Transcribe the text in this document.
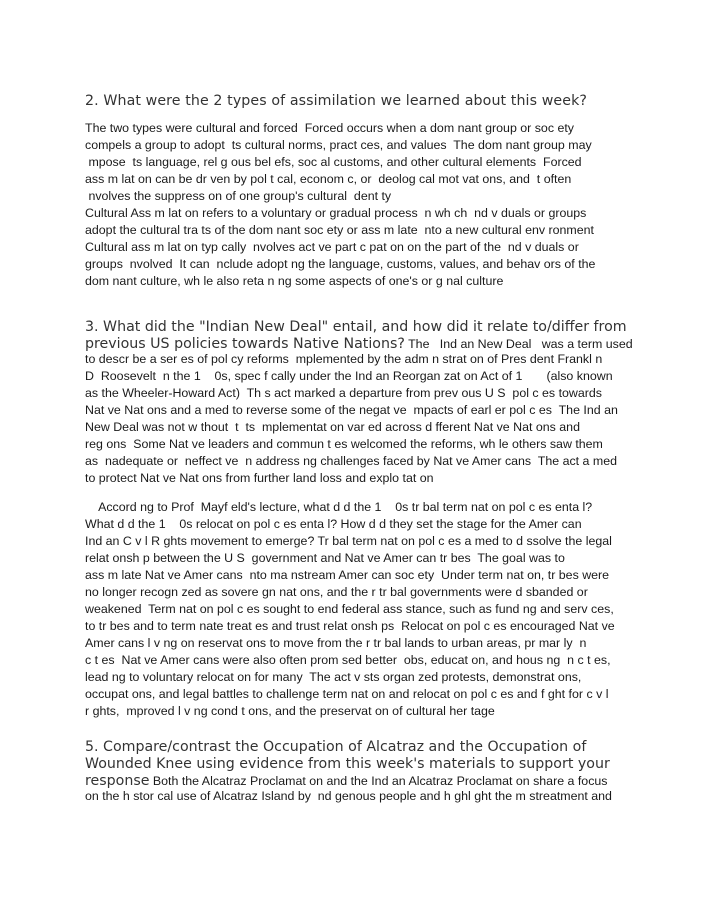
2. What were the 2 types of assimilation we learned about this week?

The two types were cultural and forced  Forced occurs when a dom nant group or soc ety

compels a group to adopt  ts cultural norms, pract ces, and values  The dom nant group may

mpose  ts language, rel g ous bel efs, soc al customs, and other cultural elements  Forced

ass m lat on can be dr ven by pol t cal, econom c, or  deolog cal mot vat ons, and  t often

nvolves the suppress on of one group's cultural  dent ty

Cultural Ass m lat on refers to a voluntary or gradual process  n wh ch  nd v duals or groups

adopt the cultural tra ts of the dom nant soc ety or ass m late  nto a new cultural env ronment

Cultural ass m lat on typ cally  nvolves act ve part c pat on on the part of the  nd v duals or

groups  nvolved  It can  nclude adopt ng the language, customs, values, and behav ors of the

dom nant culture, wh le also reta n ng some aspects of one's or g nal culture

3. What did the "Indian New Deal" entail, and how did it relate to/differ from

previous US policies towards Native Nations? The   Ind an New Deal   was a term used

to descr be a ser es of pol cy reforms  mplemented by the adm n strat on of Pres dent Frankl n

D  Roosevelt  n the 1    0s, spec f cally under the Ind an Reorgan zat on Act of 1       (also known

as the Wheeler-Howard Act)  Th s act marked a departure from prev ous U S  pol c es towards

Nat ve Nat ons and a med to reverse some of the negat ve  mpacts of earl er pol c es  The Ind an

New Deal was not w thout  t  ts  mplementat on var ed across d fferent Nat ve Nat ons and

reg ons  Some Nat ve leaders and commun t es welcomed the reforms, wh le others saw them

as  nadequate or  neffect ve  n address ng challenges faced by Nat ve Amer cans  The act a med

to protect Nat ve Nat ons from further land loss and explo tat on

Accord ng to Prof  Mayf eld's lecture, what d d the 1    0s tr bal term nat on pol c es enta l?

What d d the 1    0s relocat on pol c es enta l? How d d they set the stage for the Amer can

Ind an C v l R ghts movement to emerge? Tr bal term nat on pol c es a med to d ssolve the legal

relat onsh p between the U S  government and Nat ve Amer can tr bes  The goal was to

ass m late Nat ve Amer cans  nto ma nstream Amer can soc ety  Under term nat on, tr bes were

no longer recogn zed as sovere gn nat ons, and the r tr bal governments were d sbanded or

weakened  Term nat on pol c es sought to end federal ass stance, such as fund ng and serv ces,

to tr bes and to term nate treat es and trust relat onsh ps  Relocat on pol c es encouraged Nat ve

Amer cans l v ng on reservat ons to move from the r tr bal lands to urban areas, pr mar ly  n

c t es  Nat ve Amer cans were also often prom sed better  obs, educat on, and hous ng  n c t es,

lead ng to voluntary relocat on for many  The act v sts organ zed protests, demonstrat ons,

occupat ons, and legal battles to challenge term nat on and relocat on pol c es and f ght for c v l

r ghts,  mproved l v ng cond t ons, and the preservat on of cultural her tage

5. Compare/contrast the Occupation of Alcatraz and the Occupation of

Wounded Knee using evidence from this week's materials to support your

response Both the Alcatraz Proclamat on and the Ind an Alcatraz Proclamat on share a focus

on the h stor cal use of Alcatraz Island by  nd genous people and h ghl ght the m streatment and
